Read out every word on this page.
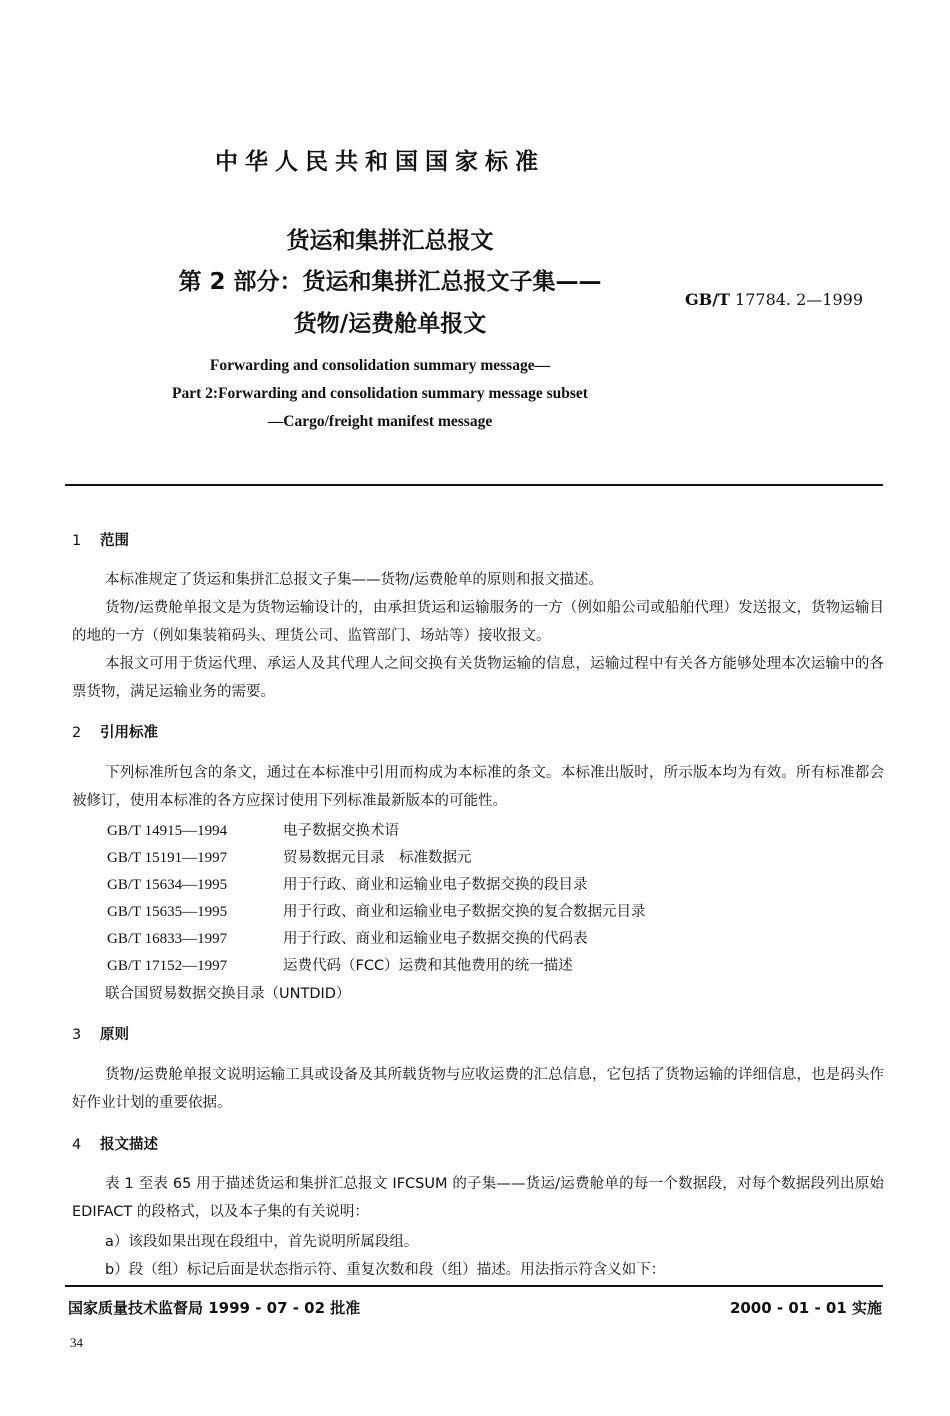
中华人民共和国国家标准
货运和集拼汇总报文
第 2 部分：货运和集拼汇总报文子集——
货物/运费舱单报文
GB/T 17784. 2—1999
Forwarding and consolidation summary message—
Part 2:Forwarding and consolidation summary message subset
—Cargo/freight manifest message
1 范围
本标准规定了货运和集拼汇总报文子集——货物/运费舱单的原则和报文描述。
货物/运费舱单报文是为货物运输设计的，由承担货运和运输服务的一方（例如船公司或船舶代理）发送报文，货物运输目的地的一方（例如集装箱码头、理货公司、监管部门、场站等）接收报文。
本报文可用于货运代理、承运人及其代理人之间交换有关货物运输的信息，运输过程中有关各方能够处理本次运输中的各票货物，满足运输业务的需要。
2 引用标准
下列标准所包含的条文，通过在本标准中引用而构成为本标准的条文。本标准出版时，所示版本均为有效。所有标准都会被修订，使用本标准的各方应探讨使用下列标准最新版本的可能性。
GB/T 14915—1994	电子数据交换术语
GB/T 15191—1997	贸易数据元目录　标准数据元
GB/T 15634—1995	用于行政、商业和运输业电子数据交换的段目录
GB/T 15635—1995	用于行政、商业和运输业电子数据交换的复合数据元目录
GB/T 16833—1997	用于行政、商业和运输业电子数据交换的代码表
GB/T 17152—1997	运费代码（FCC）运费和其他费用的统一描述
联合国贸易数据交换目录（UNTDID）
3 原则
货物/运费舱单报文说明运输工具或设备及其所载货物与应收运费的汇总信息，它包括了货物运输的详细信息，也是码头作好作业计划的重要依据。
4 报文描述
表 1 至表 65 用于描述货运和集拼汇总报文 IFCSUM 的子集——货运/运费舱单的每一个数据段，对每个数据段列出原始 EDIFACT 的段格式，以及本子集的有关说明：
a）该段如果出现在段组中，首先说明所属段组。
b）段（组）标记后面是状态指示符、重复次数和段（组）描述。用法指示符含义如下：
国家质量技术监督局 1999 - 07 - 02 批准	2000 - 01 - 01 实施
34
